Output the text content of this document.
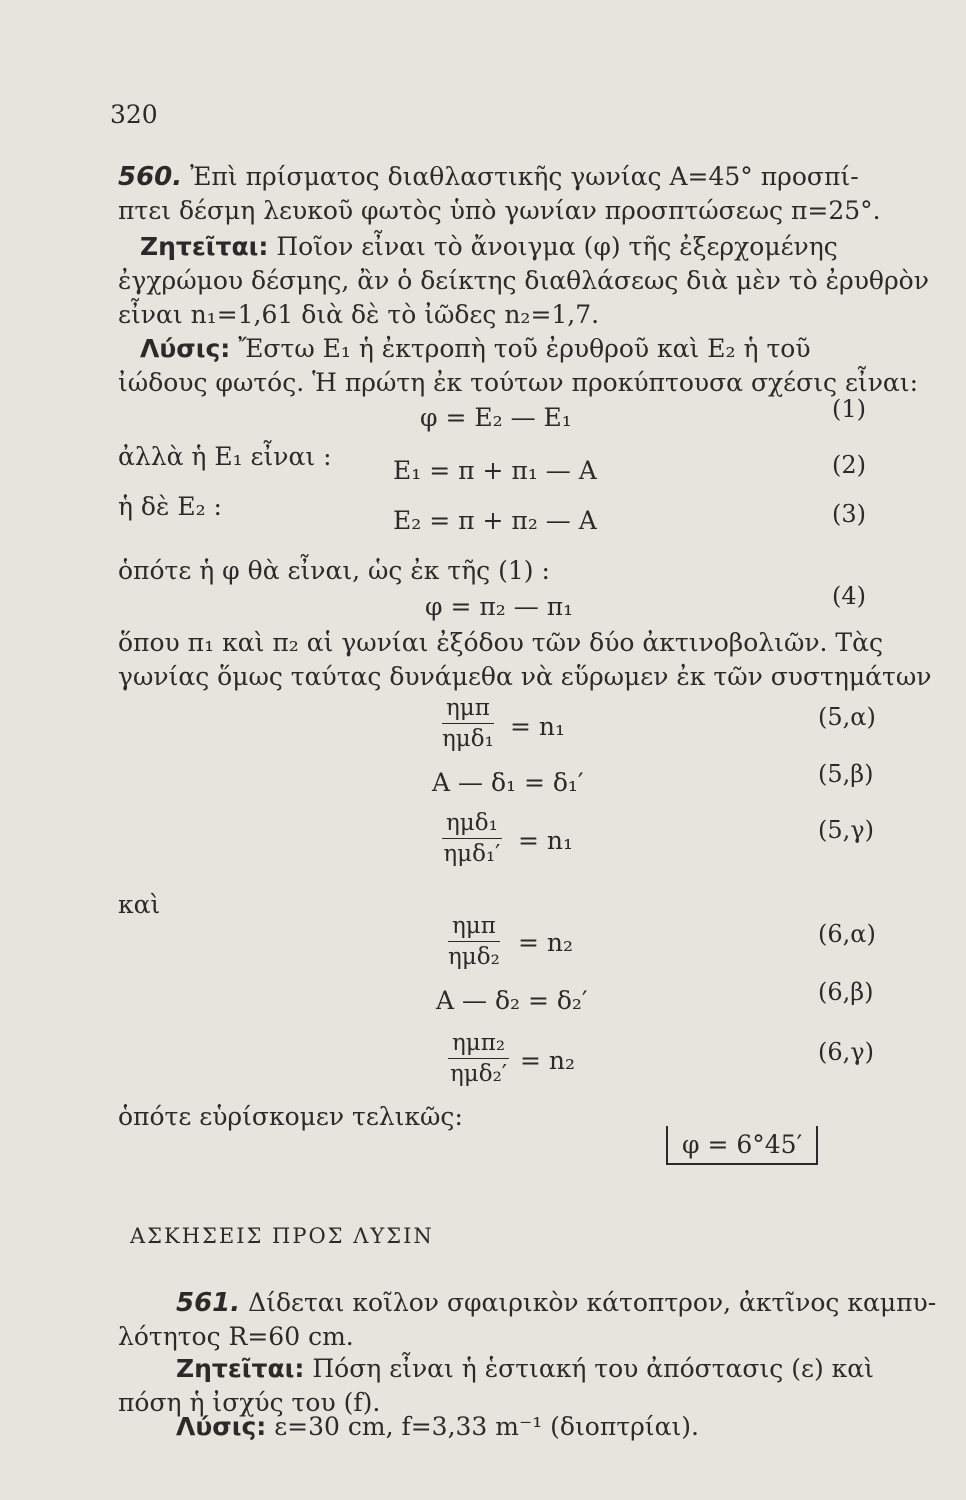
320
560. Ἐπὶ πρίσματος διαθλαστικῆς γωνίας Α=45° προσπί-
πτει δέσμη λευκοῦ φωτὸς ὑπὸ γωνίαν προσπτώσεως π=25°.
Ζητεῖται: Ποῖον εἶναι τὸ ἄνοιγμα (φ) τῆς ἐξερχομένης
ἐγχρώμου δέσμης, ἂν ὁ δείκτης διαθλάσεως διὰ μὲν τὸ ἐρυθρὸν
εἶναι n₁=1,61 διὰ δὲ τὸ ἰῶδες n₂=1,7.
Λύσις: Ἔστω Ε₁ ἡ ἐκτροπὴ τοῦ ἐρυθροῦ καὶ Ε₂ ἡ τοῦ
ἰώδους φωτός. Ἡ πρώτη ἐκ τούτων προκύπτουσα σχέσις εἶναι:
φ = Ε₂ — Ε₁	(1)
ἀλλὰ ἡ Ε₁ εἶναι : Ε₁ = π + π₁ — Α	(2)
ἡ δὲ Ε₂ :	Ε₂ = π + π₂ — Α	(3)
ὁπότε ἡ φ θὰ εἶναι, ὡς ἐκ τῆς (1) :
φ = π₂ — π₁	(4)
ὅπου π₁ καὶ π₂ αἱ γωνίαι ἐξόδου τῶν δύο ἀκτινοβολιῶν. Τὰς
γωνίας ὅμως ταύτας δυνάμεθα νὰ εὕρωμεν ἐκ τῶν συστημάτων
ημπ
ημδ₁ = n₁	(5,α)
Α — δ₁ = δ₁′	(5,β)
ημδ₁
ημδ₁′ = n₁	(5,γ)
καὶ
ημπ
ημδ₂ = n₂	(6,α)
Α — δ₂ = δ₂′	(6,β)
ημπ₂
ημδ₂′ = n₂	(6,γ)
ὁπότε εὑρίσκομεν τελικῶς:
φ = 6°45′
ΑΣΚΗΣΕΙΣ ΠΡΟΣ ΛΥΣΙΝ
561. Δίδεται κοῖλον σφαιρικὸν κάτοπτρον, ἀκτῖνος καμπυ-
λότητος R=60 cm.
Ζητεῖται: Πόση εἶναι ἡ ἑστιακή του ἀπόστασις (ε) καὶ
πόση ἡ ἰσχύς του (f).
Λύσις: ε=30 cm, f=3,33 m⁻¹ (διοπτρίαι).
